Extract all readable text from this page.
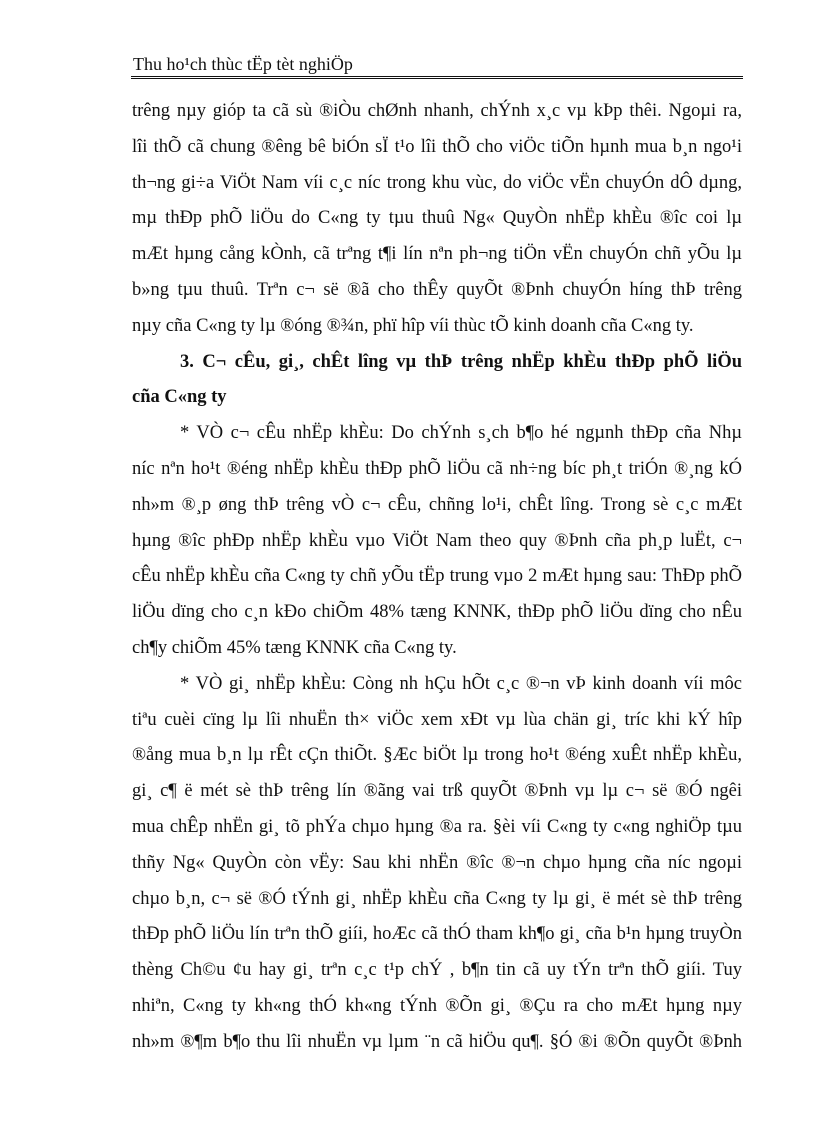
Thu ho¹ch thùc tËp tèt nghiÖp
trêng nµy gióp ta cã sù ®iÒu chØnh nhanh, chÝnh x¸c vµ kÞp thêi. Ngoµi ra,
lîi thÕ cã chung ®êng bê biÓn sÏ t¹o lîi thÕ cho viÖc tiÕn hµnh mua b¸n ngo¹i
th¬ng gi÷a ViÖt Nam víi c¸c níc trong khu vùc, do viÖc vËn chuyÓn dÔ dµng,
mµ thÐp phÕ liÖu do C«ng ty tµu thuû Ng« QuyÒn nhËp khÈu ®îc coi lµ
mÆt hµng cång kÒnh, cã trªng t¶i lín nªn ph¬ng tiÖn vËn chuyÓn chñ yÕu lµ
b»ng tµu thuû. Trªn c¬ së ®ã cho thÊy quyÕt ®Þnh chuyÓn híng thÞ trêng
nµy cña C«ng ty lµ ®óng ®¾n, phï hîp víi thùc tÕ kinh doanh cña C«ng ty.
3. C¬ cÊu, gi¸, chÊt lîng vµ thÞ trêng nhËp khÈu thÐp phÕ liÖu
cña C«ng ty
* VÒ c¬ cÊu nhËp khÈu: Do chÝnh s¸ch b¶o hé ngµnh thÐp cña Nhµ
níc nªn ho¹t ®éng nhËp khÈu thÐp phÕ liÖu cã nh÷ng bíc ph¸t triÓn ®¸ng kÓ
nh»m ®¸p øng thÞ trêng vÒ c¬ cÊu, chñng lo¹i, chÊt lîng. Trong sè c¸c mÆt
hµng ®îc phÐp nhËp khÈu vµo ViÖt Nam theo quy ®Þnh cña ph¸p luËt, c¬
cÊu nhËp khÈu cña C«ng ty chñ yÕu tËp trung vµo 2 mÆt hµng sau: ThÐp phÕ
liÖu dïng cho c¸n kÐo chiÕm 48% tæng KNNK, thÐp phÕ liÖu dïng cho nÊu
ch¶y chiÕm 45% tæng KNNK cña C«ng ty.
* VÒ gi¸ nhËp khÈu: Còng nh hÇu hÕt c¸c ®¬n vÞ kinh doanh víi môc
tiªu cuèi cïng lµ lîi nhuËn th× viÖc xem xÐt vµ lùa chän gi¸ tríc khi kÝ hîp
®ång mua b¸n lµ rÊt cÇn thiÕt. §Æc biÖt lµ trong ho¹t ®éng xuÊt nhËp khÈu,
gi¸ c¶ ë mét sè thÞ trêng lín ®ãng vai trß quyÕt ®Þnh vµ lµ c¬ së ®Ó ngêi
mua chÊp nhËn gi¸ tõ phÝa chµo hµng ®a ra. §èi víi C«ng ty c«ng nghiÖp tµu
thñy Ng« QuyÒn còn vËy: Sau khi nhËn ®îc ®¬n chµo hµng cña níc ngoµi
chµo b¸n, c¬ së ®Ó tÝnh gi¸ nhËp khÈu cña C«ng ty lµ gi¸ ë mét sè thÞ trêng
thÐp phÕ liÖu lín trªn thÕ giíi, hoÆc cã thÓ tham kh¶o gi¸ cña b¹n hµng truyÒn
thèng Ch©u ¢u hay gi¸ trªn c¸c t¹p chÝ , b¶n tin cã uy tÝn trªn thÕ giíi. Tuy
nhiªn, C«ng ty kh«ng thÓ kh«ng tÝnh ®Õn gi¸ ®Çu ra cho mÆt hµng nµy
nh»m ®¶m b¶o thu lîi nhuËn vµ lµm ¨n cã hiÖu qu¶. §Ó ®i ®Õn quyÕt ®Þnh
